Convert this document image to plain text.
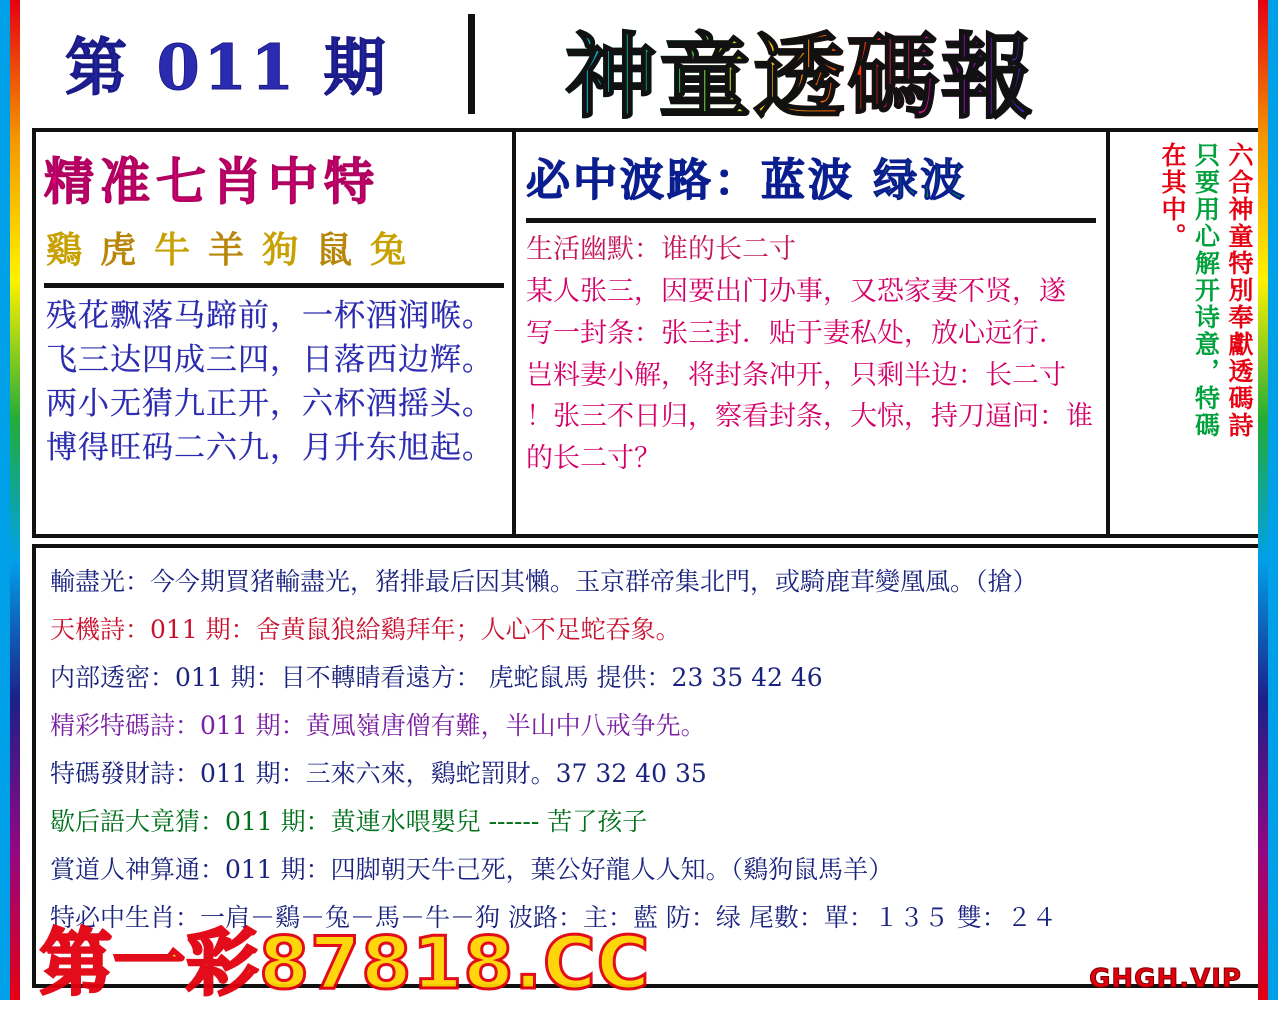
第 011 期 神童透碼報
精准七肖中特
鷄 虎 牛 羊 狗 鼠 兔
残花飘落马蹄前，一杯酒润喉。
飞三达四成三四，日落西边辉。
两小无猜九正开，六杯酒摇头。
博得旺码二六九，月升东旭起。
必中波路：蓝波 绿波
生活幽默：谁的长二寸
某人张三，因要出门办事，又恐家妻不贤，遂
写一封条：张三封．贴于妻私处，放心远行．
岂料妻小解，将封条冲开，只剩半边：长二寸
！张三不日归，察看封条，大惊，持刀逼问：谁
的长二寸？
六合神童特別奉獻透碼詩
只要用心解开诗意，特碼
在其中。
輸盡光：今今期買猪輸盡光，猪排最后因其懶。玉京群帝集北門，或騎鹿茸變凰風。（搶）
天機詩：011 期：舍黄鼠狼給鷄拜年；人心不足蛇吞象。
内部透密：011 期：目不轉睛看遠方： 虎蛇鼠馬 提供：23 35 42 46
精彩特碼詩：011 期：黄風嶺唐僧有難，半山中八戒争先。
特碼發財詩：011 期：三來六來，鷄蛇罰財。37 32 40 35
歇后語大竟猜：011 期：黄連水喂嬰兒 ------ 苦了孩子
賞道人神算通：011 期：四脚朝天牛己死，葉公好龍人人知。（鷄狗鼠馬羊）
特必中生肖：一肩－鷄－兔－馬－牛－狗 波路：主：藍 防：绿 尾數：單：１３５ 雙：２４
第一彩87818.CC	GHGH.VIP
